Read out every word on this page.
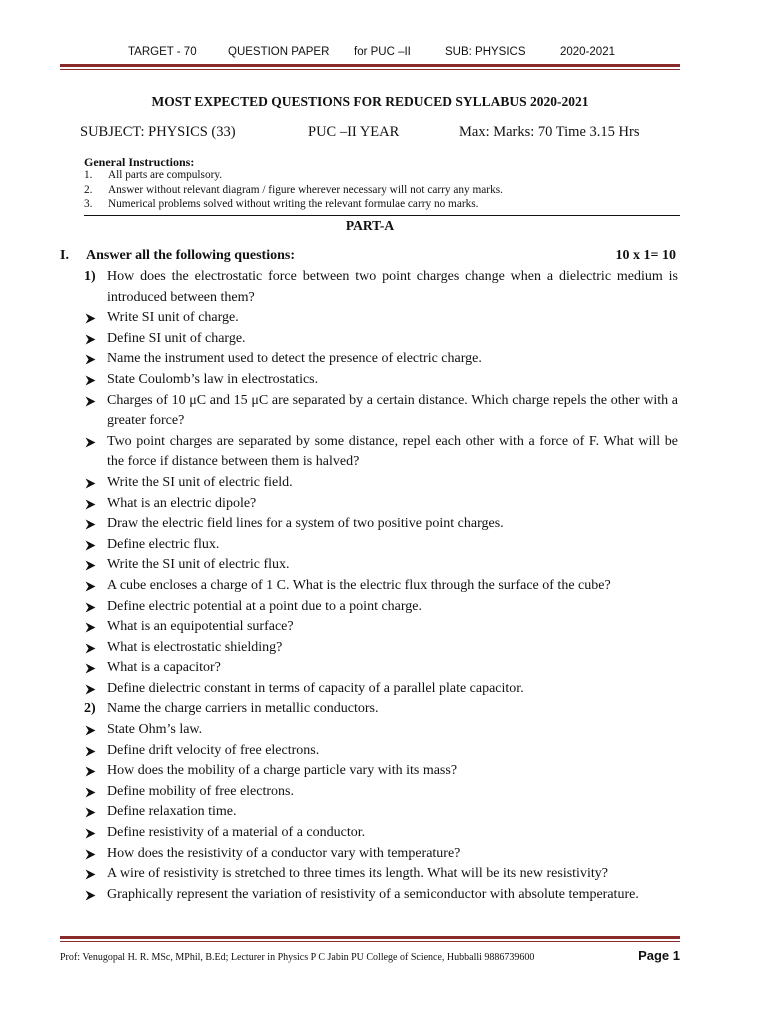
TARGET - 70	QUESTION PAPER for PUC –II	SUB: PHYSICS	2020-2021
MOST EXPECTED QUESTIONS FOR REDUCED SYLLABUS 2020-2021
SUBJECT: PHYSICS (33)	PUC –II YEAR	Max: Marks: 70 Time 3.15 Hrs
General Instructions:
1. All parts are compulsory.
2. Answer without relevant diagram / figure wherever necessary will not carry any marks.
3. Numerical problems solved without writing the relevant formulae carry no marks.
PART-A
I. Answer all the following questions:	10 x 1= 10
1) How does the electrostatic force between two point charges change when a dielectric medium is introduced between them?
Write SI unit of charge.
Define SI unit of charge.
Name the instrument used to detect the presence of electric charge.
State Coulomb’s law in electrostatics.
Charges of 10 μC and 15 μC are separated by a certain distance. Which charge repels the other with a greater force?
Two point charges are separated by some distance, repel each other with a force of F. What will be the force if distance between them is halved?
Write the SI unit of electric field.
What is an electric dipole?
Draw the electric field lines for a system of two positive point charges.
Define electric flux.
Write the SI unit of electric flux.
A cube encloses a charge of 1 C. What is the electric flux through the surface of the cube?
Define electric potential at a point due to a point charge.
What is an equipotential surface?
What is electrostatic shielding?
What is a capacitor?
Define dielectric constant in terms of capacity of a parallel plate capacitor.
2) Name the charge carriers in metallic conductors.
State Ohm’s law.
Define drift velocity of free electrons.
How does the mobility of a charge particle vary with its mass?
Define mobility of free electrons.
Define relaxation time.
Define resistivity of a material of a conductor.
How does the resistivity of a conductor vary with temperature?
A wire of resistivity is stretched to three times its length. What will be its new resistivity?
Graphically represent the variation of resistivity of a semiconductor with absolute temperature.
Prof: Venugopal H. R. MSc, MPhil, B.Ed; Lecturer in Physics P C Jabin PU College of Science, Hubballi 9886739600	Page 1
